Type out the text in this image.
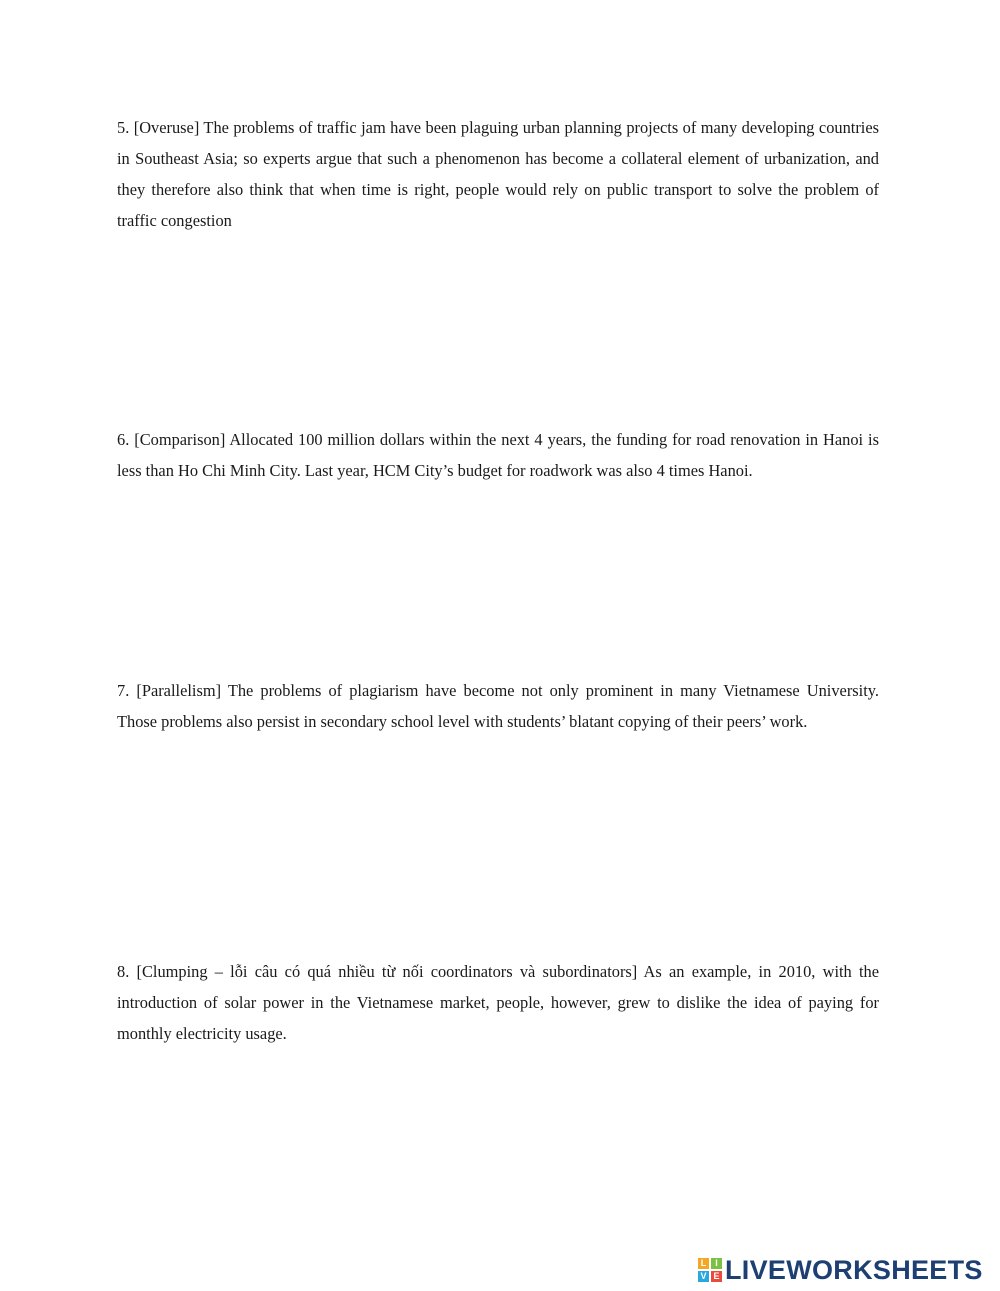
5. [Overuse] The problems of traffic jam have been plaguing urban planning projects of many developing countries in Southeast Asia; so experts argue that such a phenomenon has become a collateral element of urbanization, and they therefore also think that when time is right, people would rely on public transport to solve the problem of traffic congestion

6. [Comparison] Allocated 100 million dollars within the next 4 years, the funding for road renovation in Hanoi is less than Ho Chi Minh City. Last year, HCM City’s budget for roadwork was also 4 times Hanoi.

7. [Parallelism] The problems of plagiarism have become not only prominent in many Vietnamese University. Those problems also persist in secondary school level with students’ blatant copying of their peers’ work.

8. [Clumping – lỗi câu có quá nhiều từ nối coordinators và subordinators] As an example, in 2010, with the introduction of solar power in the Vietnamese market, people, however, grew to dislike the idea of paying for monthly electricity usage.

L I
V E LIVEWORKSHEETS
